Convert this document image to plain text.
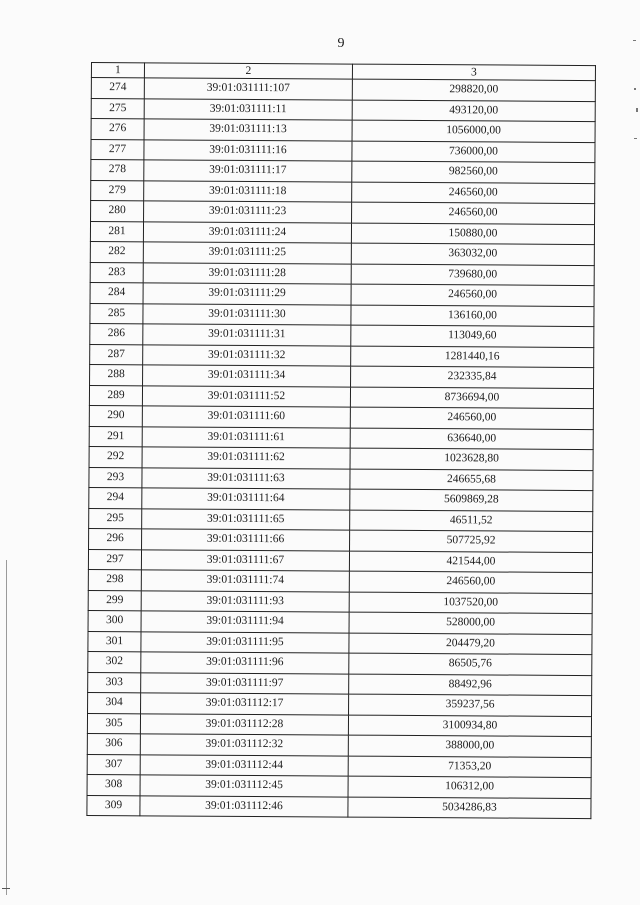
9
1	2	3
274	39:01:031111:107	298820,00
275	39:01:031111:11	493120,00
276	39:01:031111:13	1056000,00
277	39:01:031111:16	736000,00
278	39:01:031111:17	982560,00
279	39:01:031111:18	246560,00
280	39:01:031111:23	246560,00
281	39:01:031111:24	150880,00
282	39:01:031111:25	363032,00
283	39:01:031111:28	739680,00
284	39:01:031111:29	246560,00
285	39:01:031111:30	136160,00
286	39:01:031111:31	113049,60
287	39:01:031111:32	1281440,16
288	39:01:031111:34	232335,84
289	39:01:031111:52	8736694,00
290	39:01:031111:60	246560,00
291	39:01:031111:61	636640,00
292	39:01:031111:62	1023628,80
293	39:01:031111:63	246655,68
294	39:01:031111:64	5609869,28
295	39:01:031111:65	46511,52
296	39:01:031111:66	507725,92
297	39:01:031111:67	421544,00
298	39:01:031111:74	246560,00
299	39:01:031111:93	1037520,00
300	39:01:031111:94	528000,00
301	39:01:031111:95	204479,20
302	39:01:031111:96	86505,76
303	39:01:031111:97	88492,96
304	39:01:031112:17	359237,56
305	39:01:031112:28	3100934,80
306	39:01:031112:32	388000,00
307	39:01:031112:44	71353,20
308	39:01:031112:45	106312,00
309	39:01:031112:46	5034286,83
